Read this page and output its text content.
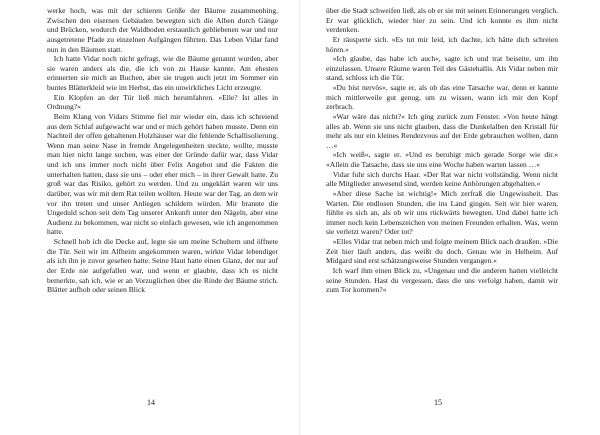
werke hoch, was mit der schieren Größe der Bäume zusammenhing. Zwischen den eisernen Gebäuden bewegten sich die Alben durch Gänge und Brücken, wodurch der Waldboden erstaunlich gebliebenen war und nur ausgetretene Pfade zu einzelnen Aufgängen führten. Das Leben Vidar fand nun in den Bäumen statt.

Ich hatte Vidar noch nicht gefragt, wie die Bäume genannt wurden, aber sie waren anders als die, die ich von zu Hause kannte. Am ehesten erinnerten sie mich an Buchen, aber sie trugen auch jetzt im Sommer ein buntes Blätterkleid wie im Herbst, das ein unwirkliches Licht erzeugte.

Ein Klopfen an der Tür ließ mich herumfahren. »Elle? Ist alles in Ordnung?«

Beim Klang von Vidars Stimme fiel mir wieder ein, dass ich schreiend aus dem Schlaf aufgewacht war und er mich gehört haben musste. Denn ein Nachteil der offen gehaltenen Holzhäuser war die fehlende Schallisolierung. Wenn man seine Nase in fremde Angelegenheiten steckte, wollte, musste man hier nicht lange suchen, was einer der Gründe dafür war, dass Vidar und ich uns immer noch nicht über Felix Angebot und die Fakten die unterhalten hatten, dass sie uns – oder eher mich – in ihrer Gewalt hatte. Zu groß war das Risiko, gehört zu werden. Und zu ungeklärt waren wir uns darüber, was wir mit dem Rat teilen wollten. Heute war der Tag, an dem wir vor ihn treten und unser Anliegen schildern würden. Mir brannte die Ungeduld schon seit dem Tag unserer Ankunft unter den Nägeln, aber eine Audienz zu bekommen, war nicht so einfach gewesen, wie ich angenommen hatte.

Schnell hob ich die Decke auf, legte sie um meine Schultern und öffnete die Tür. Seit wir im Alfheim angekommen waren, wirkte Vidar lebendiger als ich ihn je zuvor gesehen hatte. Seine Haut hatte einen Glanz, der nur auf der Erde nie aufgefallen war, und wenn er glaubte, dass ich es nicht bemerkte, sah ich, wie er an Vorzuglichen über die Rinde der Bäume strich. Blätter aufhob oder seinen Blick

14

über die Stadt schweifen ließ, als ob er sie mit seinen Erinnerungen verglich. Er war glücklich, wieder hier zu sein. Und ich konnte es ihm nicht verdenken.

Er räusperte sich. »Es tut mir leid, ich dachte, ich hätte dich schreien hören.«

»Ich glaube, das habe ich auch«, sagte ich und trat beiseite, um ihn einzulassen. Unsere Räume waren Teil des Gästehallis. Als Vidar neben mir stand, schloss ich die Tür.

»Du bist nervös«, sagte er, als ob das eine Tatsache war, denn er kannte mich mittlerweile gut genug, um zu wissen, wann ich mir den Kopf zerbrach.

»War wäre das nicht?« Ich ging zurück zum Fenster. »Von heute hängt alles ab. Wenn sie uns nicht glauben, dass die Dunkelalben den Kristall für mehr als nur ein kleines Rendezvous auf der Erde gebrauchen wollten, dann …«

»Ich weiß«, sagte er. »Und es beruhigt mich gerade Sorge wie dir.« »Allein die Tatsache, dass sie uns eine Woche haben warten lassen …«

Vidar fuhr sich durchs Haar. »Der Rat war nicht vollständig. Wenn nicht alle Mitglieder anwesend sind, werden keine Anhörungen abgehalten.«

»Aber diese Sache ist wichtig!« Mich zerfraß die Ungewissheit. Das Warten. Die endlosen Stunden, die ins Land gingen. Seit wir hier waren, fühlte es sich an, als ob wir uns rückwärts bewegten. Und dabei hatte ich immer noch kein Lebenszeichen von meinen Freunden erhalten. Was, wenn sie verletzt waren? Oder tot?

»Elles Vidar trat neben mich und folgte meinem Blick nach draußen. »Die Zeit hier läuft anders, das weißt du doch. Genau wie in Helheim. Auf Midgard sind erst schätzungsweise Stunden vergangen.«

Ich warf ihm einen Blick zu, »Ungenau und die anderen hatten vielleicht seine Stunden. Hast du vergessen, dass die uns verfolgt haben, damit wir zum Tor kommen?«

15
